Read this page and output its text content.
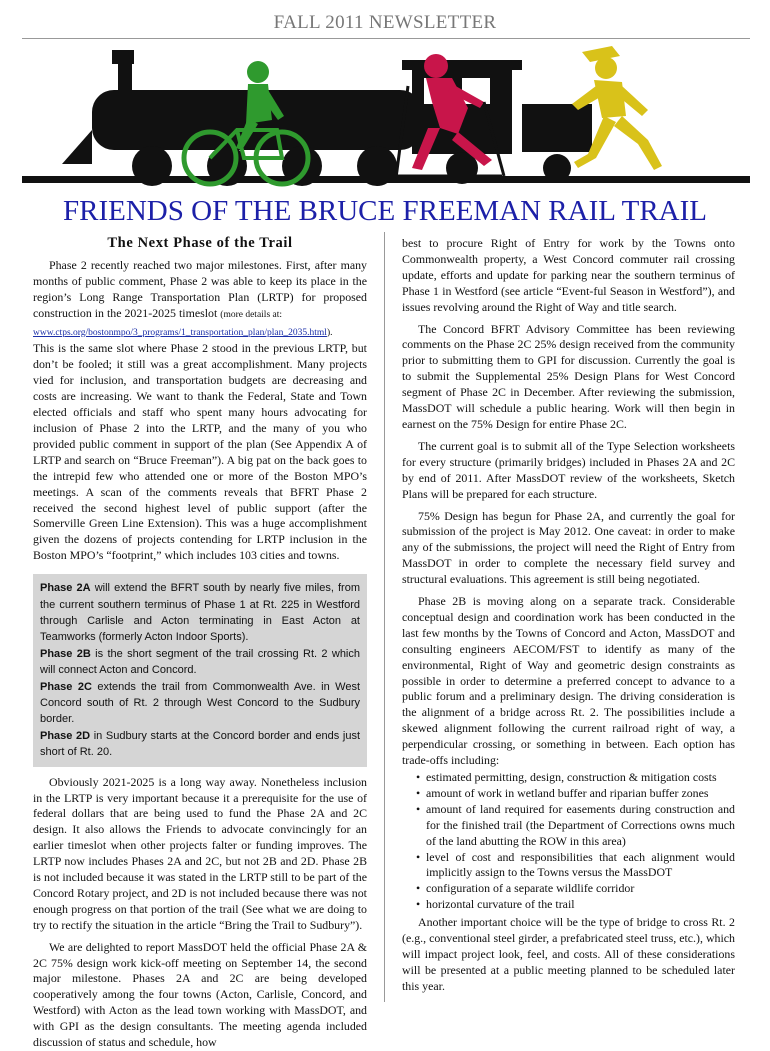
FALL 2011 NEWSLETTER
FRIENDS OF THE BRUCE FREEMAN RAIL TRAIL
The Next Phase of the Trail

Phase 2 recently reached two major milestones. First, after many months of public comment, Phase 2 was able to keep its place in the region’s Long Range Transportation Plan (LRTP) for proposed construction in the 2021-2025 timeslot (more details at:
www.ctps.org/bostonmpo/3_programs/1_transportation_plan/plan_2035.html).

This is the same slot where Phase 2 stood in the previous LRTP, but don’t be fooled; it still was a great accomplishment. Many projects vied for inclusion, and transportation budgets are decreasing and costs are increasing. We want to thank the Federal, State and Town elected officials and staff who spent many hours advocating for inclusion of Phase 2 into the LRTP, and the many of you who provided public comment in support of the plan (See Appendix A of LRTP and search on “Bruce Freeman”). A big pat on the back goes to the intrepid few who attended one or more of the Boston MPO’s meetings. A scan of the comments reveals that BFRT Phase 2 received the second highest level of public support (after the Somerville Green Line Extension). This was a huge accomplishment given the dozens of projects contending for LRTP inclusion in the Boston MPO’s “footprint,” which includes 103 cities and towns.

Phase 2A will extend the BFRT south by nearly five miles, from the current southern terminus of Phase 1 at Rt. 225 in Westford through Carlisle and Acton terminating in East Acton at Teamworks (formerly Acton Indoor Sports).

Phase 2B is the short segment of the trail crossing Rt. 2 which will connect Acton and Concord.

Phase 2C extends the trail from Commonwealth Ave. in West Concord south of Rt. 2 through West Concord to the Sudbury border.

Phase 2D in Sudbury starts at the Concord border and ends just short of Rt. 20.

Obviously 2021-2025 is a long way away. Nonetheless inclusion in the LRTP is very important because it a prerequisite for the use of federal dollars that are being used to fund the Phase 2A and 2C design. It also allows the Friends to advocate convincingly for an earlier timeslot when other projects falter or funding improves. The LRTP now includes Phases 2A and 2C, but not 2B and 2D. Phase 2B is not included because it was stated in the LRTP still to be part of the Concord Rotary project, and 2D is not included because there was not enough progress on that portion of the trail (See what we are doing to try to rectify the situation in the article “Bring the Trail to Sudbury”).

We are delighted to report MassDOT held the official Phase 2A & 2C 75% design work kick-off meeting on September 14, the second major milestone. Phases 2A and 2C are being developed cooperatively among the four towns (Acton, Carlisle, Concord, and Westford) with Acton as the lead town working with MassDOT, and with GPI as the design consultants. The meeting agenda included discussion of status and schedule, how

best to procure Right of Entry for work by the Towns onto Commonwealth property, a West Concord commuter rail crossing update, efforts and update for parking near the southern terminus of Phase 1 in Westford (see article “Event-ful Season in Westford”), and issues revolving around the Right of Way and title search.

The Concord BFRT Advisory Committee has been reviewing comments on the Phase 2C 25% design received from the community prior to submitting them to GPI for discussion. Currently the goal is to submit the Supplemental 25% Design Plans for West Concord segment of Phase 2C in December. After reviewing the submission, MassDOT will schedule a public hearing. Work will then begin in earnest on the 75% Design for entire Phase 2C.

The current goal is to submit all of the Type Selection worksheets for every structure (primarily bridges) included in Phases 2A and 2C by end of 2011. After MassDOT review of the worksheets, Sketch Plans will be prepared for each structure.

75% Design has begun for Phase 2A, and currently the goal for submission of the project is May 2012. One caveat: in order to make any of the submissions, the project will need the Right of Entry from MassDOT in order to complete the necessary field survey and structural evaluations. This agreement is still being negotiated.

Phase 2B is moving along on a separate track. Considerable conceptual design and coordination work has been conducted in the last few months by the Towns of Concord and Acton, MassDOT and consulting engineers AECOM/FST to identify as many of the environmental, Right of Way and geometric design constraints as possible in order to determine a preferred concept to advance to a public forum and a preliminary design. The driving consideration is the alignment of a bridge across Rt. 2. The possibilities include a skewed alignment following the current railroad right of way, a perpendicular crossing, or something in between. Each option has trade-offs including:

• estimated permitting, design, construction & mitigation costs
• amount of work in wetland buffer and riparian buffer zones
• amount of land required for easements during construction and for the finished trail (the Department of Corrections owns much of the land abutting the ROW in this area)
• level of cost and responsibilities that each alignment would implicitly assign to the Towns versus the MassDOT
• configuration of a separate wildlife corridor
• horizontal curvature of the trail

Another important choice will be the type of bridge to cross Rt. 2 (e.g., conventional steel girder, a prefabricated steel truss, etc.), which will impact project look, feel, and costs. All of these considerations will be presented at a public meeting planned to be scheduled later this year.
